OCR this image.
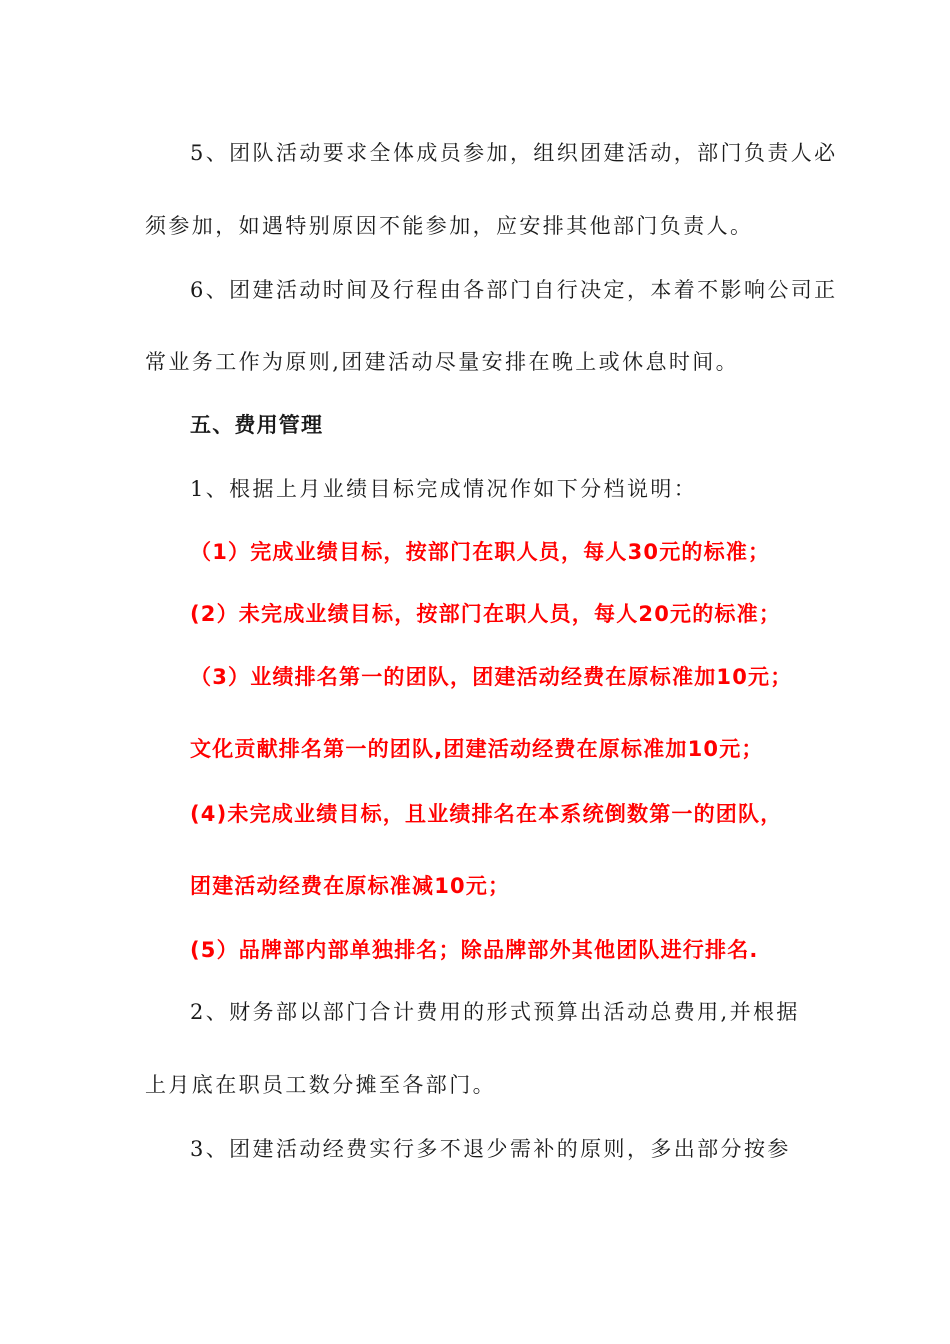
5、团队活动要求全体成员参加，组织团建活动，部门负责人必
须参加，如遇特别原因不能参加，应安排其他部门负责人。
6、团建活动时间及行程由各部门自行决定，本着不影响公司正
常业务工作为原则,团建活动尽量安排在晚上或休息时间。
五、费用管理
1、根据上月业绩目标完成情况作如下分档说明：
（1）完成业绩目标，按部门在职人员，每人30元的标准；
(2）未完成业绩目标，按部门在职人员，每人20元的标准；
（3）业绩排名第一的团队，团建活动经费在原标准加10元；
文化贡献排名第一的团队,团建活动经费在原标准加10元；
(4)未完成业绩目标，且业绩排名在本系统倒数第一的团队，
团建活动经费在原标准减10元；
(5）品牌部内部单独排名；除品牌部外其他团队进行排名.
2、财务部以部门合计费用的形式预算出活动总费用,并根据
上月底在职员工数分摊至各部门。
3、团建活动经费实行多不退少需补的原则，多出部分按参
